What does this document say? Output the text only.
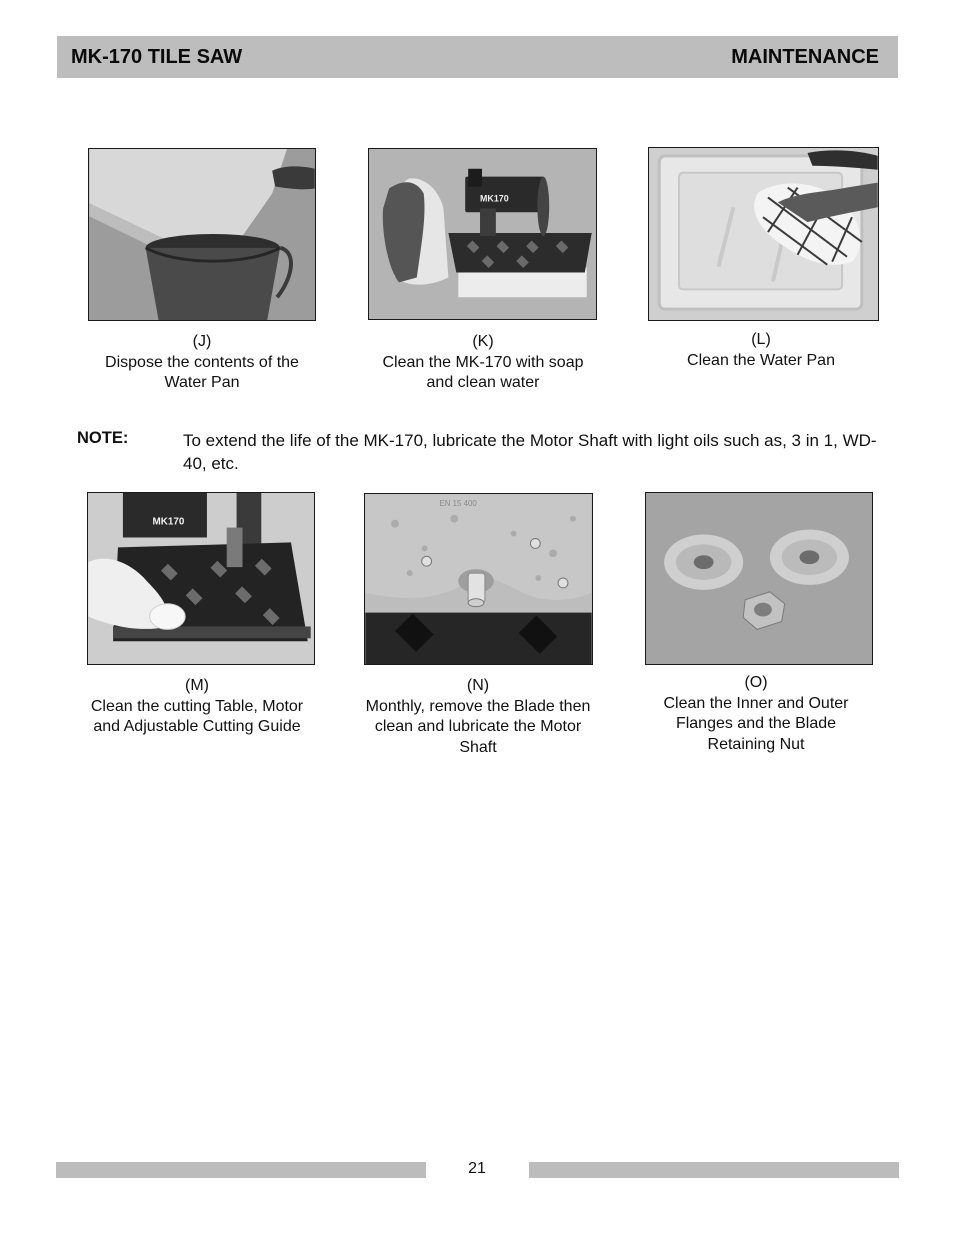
MK-170 TILE SAW	MAINTENANCE
MK170
(J)
Dispose the contents of the
Water Pan
(K)
Clean the MK-170 with soap
and clean water
(L)
Clean the Water Pan
NOTE:	To extend the life of the MK-170, lubricate the Motor Shaft with light oils such as, 3 in 1, WD-40, etc.
MK170
EN 15 400
(M)
Clean the cutting Table, Motor
and Adjustable Cutting Guide
(N)
Monthly, remove the Blade then
clean and lubricate the Motor
Shaft
(O)
Clean the Inner and Outer
Flanges and the Blade
Retaining Nut
21
